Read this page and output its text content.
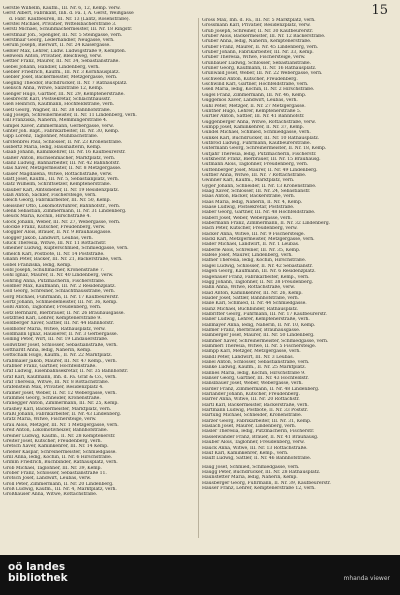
15
Gerstle Wilhelm, Kaufm., III. Nr. 6, 12, Kemp. verw.
Gerst Albert, Fabrikant, Inh. d. Fa. I, A. Gerst, Weißgasse
d. Fabr. Kaufbeuren, III. Nr. 13 (Lalitz, Rosenstraße).
Gerstel Michael, Privatier, Wittelsbacherstraße 3.
Gerstl Michael, Schuhmachermeister, III. Nr. 18 Ringstr.
Gerstmair Joh., Spengler, III. Nr. 5 Steingasse, verh.
Gerstmair Georg, Lederhändler, Neugasse, verh.
Gerum Joseph, Bierwirt, II. Nr. 24 Kaisergasse.
Geßler Max, Lehrer, Ludw. Ludwigstraße 9, Kempten.
Geßwein Anton, Privatier, Bleichweg, verw.
Gettler Franz, Maurer, III. Nr. 34, Sebastianstraße.
Giebel Johann, Händler, Lindenberg, verh.
Giebler Friedrich, Kaufm., III. Nr. 3 Kornhausplatz.
Giebler Josef, Bäckermeister, Metzgergasse, verh.
Giegling Theodor, Buchdrucker, II. Nr. 7 Rathausplatz.
Gielisch Anna, Witwe, Salzstraße 12, Kemp.
Gienger Hugo, Gärtner, III. Nr. 29, Kemptenerstraße.
Giesbrecht Karl, Postsekretär, Schlachthausstr.
Gieß Heinrich, Kaufmann, Hochfeldstraße, verh.
Gietl Georg, Wagner, III. Nr. 38 Bahnhofstraße.
Gilg Joseph, Schreinermeister, II. Nr. 11 Lindenberg, verh.
Gill Franziska, Näherin, Memmingerstraße 4.
Gimpel Xaver, Zimmermann, Gerbergasse, verw.
Ginter Joh. Bapt., Fabrikarbeiter, III. Nr. 30, Kemp.
Gipp Lorenz, Taglöhner, Mühlbachstraße.
Girstenbrei Paul, Schlosser, II. Nr. 23 Kronenstraße.
Gisbertz Maria, ledig, Haushälterin, Kemp.
Glaab Johann, Kaminkehrer, III. Nr. 16 Kaufbeurerstr.
Gläßer Anton, Büchsenmacher, Marktplatz, verh.
Glanz Ludwig, Bahnarbeiter, III. Nr. 42 Bahnhofstr.
Glas Xaver, Metzgermeister, II. Nr. 8 Metzgergasse.
Glaser Magdalena, Witwe, Rottachstraße, verw.
Glatt Josef, Kaufm., III. Nr. 5, Sebastianplatz, verh.
Glatz Wilhelm, Schriftsetzer, Kemptenerstraße.
Glauber Karl, Amtsdiener, II. Nr. 19 Residenzplatz.
Glaß Anton, Säckler, Fischersteige, verh.
Gleich Georg, Fabrikarbeiter, III. Nr. 50, Kemp.
Gleissner Otto, Lokomotivführer, Bahnhofstr., verh.
Glenk Sebastian, Zimmermann, II. Nr. 31 Lindenberg.
Gleuck Maria, Köchin, Hirschstraße 4.
Glock Johann, Weber, III. Nr. 27, Webergasse, verh.
Glöckle Franz, Kutscher, Freudenberg, verw.
Glöggler Alois, Brauer, II. Nr. 9 Brauhausgasse.
Glogger Jakob, Landwirt, Leubas, verh.
Glück Theresia, Witwe, III. Nr. 11 Rottachstr.
Gmeiner Ludwig, Kupferschmied, Schmiedgasse, verh.
Gmelch Karl, Postbote, II. Nr. 14 Poststraße.
Gnann Peter, Bäcker, III. Nr. 21, Bäckerstraße, verh.
Göbel Franziska, ledig, Kemp.
Göbl Joseph, Schuhmacher, Kronenstraße 7.
Göhl Ignaz, Maurer, II. Nr. 40 Lindenberg, verw.
Göhring Anna, Putzmacherin, Fischerstraße.
Göldner Max, Kaufmann, III. Nr. 2 Residenzplatz.
Göll Georg, Schreiner, Schlachthausstraße, verh.
Görg Michael, Fuhrmann, II. Nr. 17 Kaufbeurerstr.
Görtz Johann, Schmiedemeister, III. Nr. 36, Kemp.
Gößl Anton, Taglöhner, Freudenberg, verh.
Götz Bernhard, Bierbrauer, II. Nr. 26 Brauhausgasse.
Götzfried Karl, Lehrer, Kemptenerstraße 9.
Goldberger Xaver, Sattler, III. Nr. 44 Bahnhofstr.
Goldhofer Maria, Witwe, Rathausplatz, verw.
Goldmann Ignaz, Hausierer, II. Nr. 3 Gerbergasse.
Golling Peter, Wirt, III. Nr. 19 Lindauerstraße.
Gollwitzer Josef, Schlosser, Sebastianstraße, verh.
Gotthardt Anna, ledig, Näherin, Kemp.
Gottschalk Hugo, Kaufm., II. Nr. 22 Marktplatz.
Grabmaier Jakob, Maurer, III. Nr. 47 Kemp., verh.
Grabner Franz, Gärtner, Hochfeldstraße.
Gräf Ludwig, Eisenbahnsekretär, II. Nr. 35 Bahnhofstr.
Graf Karl, Kaufmann, Inh. d. Fa. Graf & Co., verh.
Graf Theresia, Witwe, III. Nr. 8 Rottachstraße.
Grafenstein Max, Privatier, Residenzplatz 4.
Gramer Josef, Weber, II. Nr. 12 Webergasse, verh.
Grammel Georg, Schneider, Kronenstraße.
Granegger Anton, Zimmermann, III. Nr. 25, Kemp.
Grashey Karl, Bäckermeister, Marktplatz, verh.
Graßl Johann, Fabrikarbeiter, II. Nr. 43 Lindenberg.
Gratz Maria, Witwe, Fischersteige, verw.
Grau Alois, Metzger, III. Nr. 1 Metzgergasse, verh.
Greif Anton, Lokomotivheizer, Bahnhofstraße.
Greiner Ludwig, Kaufm., II. Nr. 28 Kemptenerstr.
Greiter Josef, Kutscher, Freudenberg, verh.
Gretsch Xaver, Kaminkehrer, III. Nr. 14 Kemp.
Grießer Kaspar, Schreinermeister, Schmiedgasse.
Grill Anna, ledig, Köchin, II. Nr. 6 Hirschstraße.
Grimm Friedrich, Buchbinder, Rathausplatz, verh.
Grob Michael, Taglöhner, III. Nr. 39, Kemp.
Gröber Franz, Schlosser, Sebastianstraße 11.
Grötsch Josef, Landwirt, Leubas, verw.
Groll Peter, Zimmermann, II. Nr. 20 Lindenberg.
Groß Ludwig, Kaufm., III. Nr. 4, Marktplatz, verh.
Großhauser Anna, Witwe, Rottachstraße.
Gross Max, Inh. d. Fa., III. Nr. 5 Marktplatz, verh.
Grossmann Karl, Privatier, Residenzplatz, verw.
Grub Joseph, Schreiner, II. Nr. 30 Kaufbeurerstr.
Gruber Alois, Bäckermeister, III. Nr. 12 Bäckerstraße.
Gruber Anna, ledig, Näherin, Kemptenerstraße.
Gruber Franz, Maurer, II. Nr. 45 Lindenberg, verh.
Gruber Johann, Fabrikarbeiter, III. Nr. 33, Kemp.
Gruber Theresia, Witwe, Fischersteige, verw.
Grünbauer Ludwig, Schlosser, Sebastianstraße.
Grüner Georg, Kaufmann, II. Nr. 16 Rathausplatz.
Grünwald Josef, Weber, III. Nr. 22 Webergasse, verh.
Gschwend Anton, Kutscher, Freudenberg.
Gschwind Karl, Gärtner, Hochfeldstraße, verh.
Gsell Maria, ledig, Köchin, II. Nr. 2 Hirschstraße.
Gugel Franz, Zimmermann, III. Nr. 46, Kemp.
Guggemos Xaver, Landwirt, Leubas, verh.
Gühl Peter, Metzger, II. Nr. 27 Metzgergasse.
Günther Hugo, Lehrer, Kemptenerstraße 5.
Gürtler Anton, Sattler, III. Nr. 41 Bahnhofstr.
Guggenberger Anna, Witwe, Rottachstraße, verw.
Gumpp Josef, Kaminkehrer, II. Nr. 37, Kemp.
Gundel Michael, Schmied, Schmiedgasse, verh.
Gunkel Karl, Buchdrucker, III. Nr. 10 Rathausplatz.
Gutbrod Ludwig, Fuhrmann, Kaufbeurerstraße.
Gutermann Georg, Schreinermeister, II. Nr. 18, Kemp.
Gutjahr Theresia, ledig, Putzmacherin, Fischerstr.
Gutknecht Franz, Bierbrauer, III. Nr. 15 Brauhausg.
Gutmann Alois, Taglöhner, Freudenberg, verh.
Guttenberger Josef, Maurer, II. Nr. 49 Lindenberg.
Guttler Anna, Witwe, III. Nr. 7 Rottachstraße.
Gwinner Karl, Kaufm., Marktplatz, verh.
Gyger Johann, Schneider, II. Nr. 13 Kronenstraße.
Haag Xaver, Schlosser, III. Nr. 24, Sebastianstr.
Haas Anton, Bäcker, Bäckerstraße, verh.
Haas Maria, ledig, Näherin, II. Nr. 4, Kemp.
Haase Ludwig, Postsekretär, Poststraße.
Haber Georg, Gärtner, III. Nr. 48 Hochfeldstraße.
Haberl Josef, Weber, Webergasse, verh.
Habermann Franz, Zimmermann, II. Nr. 32 Lindenberg.
Hach Peter, Kutscher, Freudenberg, verw.
Hacker Anna, Witwe, III. Nr. 9 Fischersteige.
Hackl Karl, Metzgermeister, Metzgergasse, verh.
Hader Michael, Landwirt, II. Nr. 1 Leubas.
Häberle Alois, Schreiner, III. Nr. 35, Kemp.
Häfele Josef, Maurer, Lindenberg, verh.
Hafner Theresia, ledig, Köchin, Hirschstraße.
Hagel Ludwig, Schlosser, II. Nr. 42 Sebastianstr.
Hagen Georg, Kaufmann, III. Nr. 6 Residenzplatz.
Hagenauer Franz, Fabrikarbeiter, Kemp., verh.
Hagg Johann, Taglöhner, II. Nr. 38 Freudenberg.
Hahn Anna, Witwe, Rottachstraße, verw.
Haid Anton, Kaminkehrer, III. Nr. 26, Kemp.
Haider Josef, Sattler, Bahnhofstraße, verh.
Haile Karl, Schmied, II. Nr. 44 Schmiedgasse.
Hainz Michael, Buchbinder, Rathausplatz.
Halbritter Georg, Fuhrmann, III. Nr. 17 Kaufbeurerstr.
Haller Ludwig, Lehrer, Kemptenerstraße, verh.
Hallmayer Anna, ledig, Näherin, II. Nr. 10, Kemp.
Halmer Franz, Bierbrauer, Brauhausgasse.
Hamberger Josef, Maurer, III. Nr. 50 Lindenberg.
Hammer Xaver, Schreinermeister, Schmiedgasse, verh.
Hammerl Theresia, Witwe, II. Nr. 5 Fischersteige.
Hampp Karl, Metzger, Metzgergasse, verh.
Handl Peter, Landwirt, III. Nr. 3 Leubas.
Hanel Anton, Schlosser, Sebastianstraße, verh.
Hanke Ludwig, Kaufm., II. Nr. 25 Marktplatz.
Hannes Maria, ledig, Köchin, Hirschstraße 9.
Hanser Georg, Gärtner, III. Nr. 43 Hochfeldstr.
Hanslbauer Josef, Weber, Webergasse, verh.
Harder Franz, Zimmermann, II. Nr. 48 Lindenberg.
Harlander Johann, Kutscher, Freudenberg.
Harrer Anna, Witwe, III. Nr. 20 Rottachstr.
Hartl Karl, Bäckermeister, Bäckerstraße, verh.
Hartmann Ludwig, Postbote, II. Nr. 33 Poststr.
Hartung Michael, Schneider, Kronenstraße.
Harzer Georg, Fabrikarbeiter, III. Nr. 31, Kemp.
Haslach Josef, Maurer, Lindenberg, verh.
Hasler Theresia, ledig, Putzmacherin, Fischerstr.
Hasselwander Franz, Brauer, II. Nr. 41 Brauhausg.
Hauber Alois, Taglöhner, Freudenberg, verw.
Hauck Anna, Witwe, III. Nr. 13 Rottachstraße.
Hauf Karl, Kaminkehrer, Kemp., verh.
Hauff Ludwig, Sattler, II. Nr. 46 Bahnhofstraße.
Haug Josef, Schmied, Schmiedgasse, verh.
Haugg Peter, Buchdrucker, III. Nr. 28 Rathausplatz.
Haunstetter Maria, ledig, Näherin, Kemp.
Hausberger Georg, Fuhrmann, II. Nr. 39, Kaufbeurerstr.
Hauser Franz, Lehrer, Kemptenerstraße 12, verh.
oö landes
bibliothek	mhanda viewer
